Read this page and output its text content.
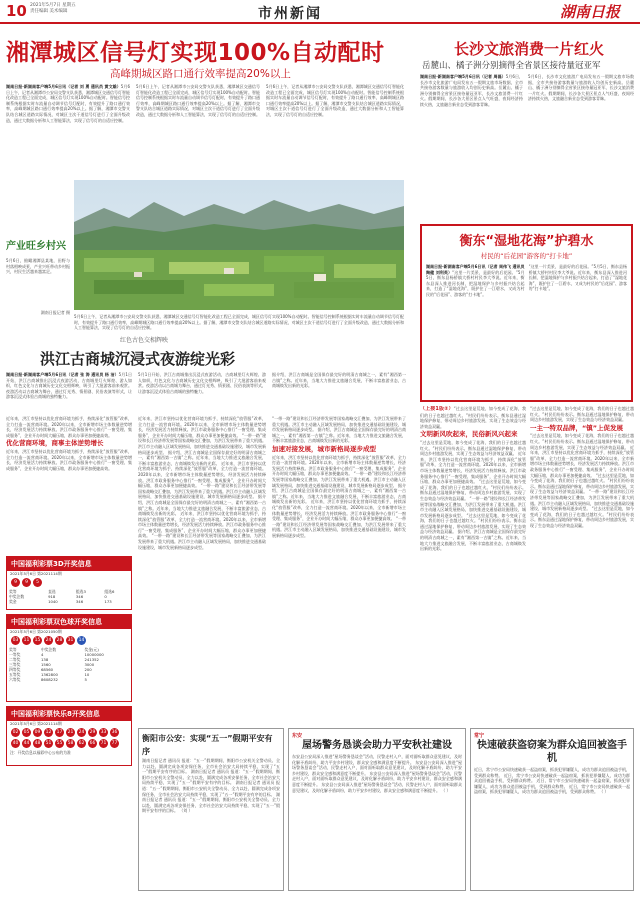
10 2021年5月7日 星期五
责任编辑 美术编辑	市州新闻	湖南日报
湘潭城区信号灯实现100%自动配时
高峰期城区路口通行效率提高20%以上
湖南日报·新湖南客户端5月6日讯（记者 刘 勇 通讯员 黄文雄）5月6日上午，记者从湘潭市公安局交警支队获悉，湘潭城区交通信号灯智能化改造工程已全面完成，城区信号灯实现100%自动配时。智能信号控制系统根据实时车流量自动调节信号灯配时，有效提升了路口通行效率，高峰期城区路口通行效率提高20%以上。据了解，湘潭市交警支队结合城区道路实际情况，对城区主次干道信号灯进行了全面升级改造，通过大数据分析和人工智能算法，实现了信号灯的自适应控制。
5月6日上午，记者从湘潭市公安局交警支队获悉，湘潭城区交通信号灯智能化改造工程已全面完成，城区信号灯实现100%自动配时。智能信号控制系统根据实时车流量自动调节信号灯配时，有效提升了路口通行效率，高峰期城区路口通行效率提高20%以上。据了解，湘潭市交警支队结合城区道路实际情况，对城区主次干道信号灯进行了全面升级改造，通过大数据分析和人工智能算法，实现了信号灯的自适应控制。
5月6日上午，记者从湘潭市公安局交警支队获悉，湘潭城区交通信号灯智能化改造工程已全面完成，城区信号灯实现100%自动配时。智能信号控制系统根据实时车流量自动调节信号灯配时，有效提升了路口通行效率，高峰期城区路口通行效率提高20%以上。据了解，湘潭市交警支队结合城区道路实际情况，对城区主次干道信号灯进行了全面升级改造，通过大数据分析和人工智能算法，实现了信号灯的自适应控制。
长沙文旅消费一片红火
岳麓山、橘子洲分别摘得全省景区接待量冠亚军
湖南日报·新湖南客户端5月6日讯（记者 周磊）5月6日，长沙市文化旅游广电局发布五一假期文旅市场数据，全市共接待游客数量与旅游收入均创历史新高。岳麓山、橘子洲分别摘得全省景区接待量冠亚军，长沙文旅消费一片红火。假期期间，长沙各大景区景点人气旺盛，夜间经济持续火热，文旅融合新业态受到游客青睐。
5月6日，长沙市文化旅游广电局发布五一假期文旅市场数据，全市共接待游客数量与旅游收入均创历史新高。岳麓山、橘子洲分别摘得全省景区接待量冠亚军，长沙文旅消费一片红火。假期期间，长沙各大景区景点人气旺盛，夜间经济持续火热，文旅融合新业态受到游客青睐。
产业旺乡村兴
5月6日，俯瞰湘潭县某地，田野与村落相映成景，产业兴旺带动乡村振兴，村民生活越来越富足。
湖南日报记者 摄
5月6日上午，记者从湘潭市公安局交警支队获悉，湘潭城区交通信号灯智能化改造工程已全面完成，城区信号灯实现100%自动配时。智能信号控制系统根据实时车流量自动调节信号灯配时，有效提升了路口通行效率，高峰期城区路口通行效率提高20%以上。据了解，湘潭市交警支队结合城区道路实际情况，对城区主次干道信号灯进行了全面升级改造，通过大数据分析和人工智能算法，实现了信号灯的自适应控制。
衡东“湿地花海”护碧水
村民的“后花园”游客的“打卡地”
湖南日报·新湖南客户端5月6日讯（记者 周伟飞 通讯员 陶健 刘利英）“这里一片美景，是最好的后花园。”5月5日，衡东县杨桥镇大桥村村民李大爷说。近年来，衡东县深入推进河长制，把湿地保护与乡村振兴结合起来，打造了“湿地花海”，既护住了一江碧水，又成为村民的“后花园”、游客的“打卡地”。
“这里一片美景，是最好的后花园。”5月5日，衡东县杨桥镇大桥村村民李大爷说。近年来，衡东县深入推进河长制，把湿地保护与乡村振兴结合起来，打造了“湿地花海”，既护住了一江碧水，又成为村民的“后花园”、游客的“打卡地”。
红色古色交相辉映
洪江古商城沉浸式夜游绽光彩
湖南日报·新湖南客户端5月6日讯（记者 张 涛 通讯员 杨 洁）5月1日开始，洪江古商城推出沉浸式夜游活动，古商城里灯火辉煌、游人如织，红色文化与古商城历史文化交相辉映，吸引了大批游客前来观赏。夜游活动以古商城为舞台，通过灯光秀、情景剧、民俗表演等形式，让游客沉浸式体验古商城的独特魅力。
5月1日开始，洪江古商城推出沉浸式夜游活动，古商城里灯火辉煌、游人如织，红色文化与古商城历史文化交相辉映，吸引了大批游客前来观赏。夜游活动以古商城为舞台，通过灯光秀、情景剧、民俗表演等形式，让游客沉浸式体验古商城的独特魅力。
据介绍，洪江古商城是全国保存最完好的明清古商城之一，素有“湘西第一古镇”之称。近年来，当地大力推进文旅融合发展，不断丰富旅游业态，古商城焕发出新的光彩。
近年来，洪江市坚持以优化营商环境为抓手，持续深化“放管服”改革，全力打造一流营商环境。2020年以来，全市新增市场主体数量逆势增长，经济发展活力持续释放。洪江市政务服务中心推行“一窗受理、集成服务”，企业开办时间大幅压缩，群众办事更加便捷高效。
优化营商环境，商事主体逆势增长
近年来，洪江市坚持以优化营商环境为抓手，持续深化“放管服”改革，全力打造一流营商环境。2020年以来，全市新增市场主体数量逆势增长，经济发展活力持续释放。洪江市政务服务中心推行“一窗受理、集成服务”，企业开办时间大幅压缩，群众办事更加便捷高效。
近年来，洪江市坚持以优化营商环境为抓手，持续深化“放管服”改革，全力打造一流营商环境。2020年以来，全市新增市场主体数量逆势增长，经济发展活力持续释放。洪江市政务服务中心推行“一窗受理、集成服务”，企业开办时间大幅压缩，群众办事更加便捷高效。 “一带一路”建设和长江经济带发展等国家战略交汇叠加，为洪江发展带来了重大机遇。洪江市主动融入区域发展格局，加快推进交通基础设施建设，城市发展新格局逐步成型。 据介绍，洪江古商城是全国保存最完好的明清古商城之一，素有“湘西第一古镇”之称。近年来，当地大力推进文旅融合发展，不断丰富旅游业态，古商城焕发出新的光彩。 近年来，洪江市坚持以优化营商环境为抓手，持续深化“放管服”改革，全力打造一流营商环境。2020年以来，全市新增市场主体数量逆势增长，经济发展活力持续释放。洪江市政务服务中心推行“一窗受理、集成服务”，企业开办时间大幅压缩，群众办事更加便捷高效。 “一带一路”建设和长江经济带发展等国家战略交汇叠加，为洪江发展带来了重大机遇。洪江市主动融入区域发展格局，加快推进交通基础设施建设，城市发展新格局逐步成型。 据介绍，洪江古商城是全国保存最完好的明清古商城之一，素有“湘西第一古镇”之称。近年来，当地大力推进文旅融合发展，不断丰富旅游业态，古商城焕发出新的光彩。 近年来，洪江市坚持以优化营商环境为抓手，持续深化“放管服”改革，全力打造一流营商环境。2020年以来，全市新增市场主体数量逆势增长，经济发展活力持续释放。洪江市政务服务中心推行“一窗受理、集成服务”，企业开办时间大幅压缩，群众办事更加便捷高效。 “一带一路”建设和长江经济带发展等国家战略交汇叠加，为洪江发展带来了重大机遇。洪江市主动融入区域发展格局，加快推进交通基础设施建设，城市发展新格局逐步成型。
“一带一路”建设和长江经济带发展等国家战略交汇叠加，为洪江发展带来了重大机遇。洪江市主动融入区域发展格局，加快推进交通基础设施建设，城市发展新格局逐步成型。 据介绍，洪江古商城是全国保存最完好的明清古商城之一，素有“湘西第一古镇”之称。近年来，当地大力推进文旅融合发展，不断丰富旅游业态，古商城焕发出新的光彩。
加速对接发展，城市新格局逐步成型
近年来，洪江市坚持以优化营商环境为抓手，持续深化“放管服”改革，全力打造一流营商环境。2020年以来，全市新增市场主体数量逆势增长，经济发展活力持续释放。洪江市政务服务中心推行“一窗受理、集成服务”，企业开办时间大幅压缩，群众办事更加便捷高效。 “一带一路”建设和长江经济带发展等国家战略交汇叠加，为洪江发展带来了重大机遇。洪江市主动融入区域发展格局，加快推进交通基础设施建设，城市发展新格局逐步成型。 据介绍，洪江古商城是全国保存最完好的明清古商城之一，素有“湘西第一古镇”之称。近年来，当地大力推进文旅融合发展，不断丰富旅游业态，古商城焕发出新的光彩。 近年来，洪江市坚持以优化营商环境为抓手，持续深化“放管服”改革，全力打造一流营商环境。2020年以来，全市新增市场主体数量逆势增长，经济发展活力持续释放。洪江市政务服务中心推行“一窗受理、集成服务”，企业开办时间大幅压缩，群众办事更加便捷高效。 “一带一路”建设和长江经济带发展等国家战略交汇叠加，为洪江发展带来了重大机遇。洪江市主动融入区域发展格局，加快推进交通基础设施建设，城市发展新格局逐步成型。
（上接1版②）“过去这里是荒地，如今变成了花海，我们的日子也越过越红火。”村民们纷纷表示。衡东县通过湿地保护修复，带动周边乡村旅游发展，实现了生态效益与经济效益双赢。
文明新风吹起来，民俗新风兴起来
“过去这里是荒地，如今变成了花海，我们的日子也越过越红火。”村民们纷纷表示。衡东县通过湿地保护修复，带动周边乡村旅游发展，实现了生态效益与经济效益双赢。 近年来，洪江市坚持以优化营商环境为抓手，持续深化“放管服”改革，全力打造一流营商环境。2020年以来，全市新增市场主体数量逆势增长，经济发展活力持续释放。洪江市政务服务中心推行“一窗受理、集成服务”，企业开办时间大幅压缩，群众办事更加便捷高效。 “过去这里是荒地，如今变成了花海，我们的日子也越过越红火。”村民们纷纷表示。衡东县通过湿地保护修复，带动周边乡村旅游发展，实现了生态效益与经济效益双赢。 “一带一路”建设和长江经济带发展等国家战略交汇叠加，为洪江发展带来了重大机遇。洪江市主动融入区域发展格局，加快推进交通基础设施建设，城市发展新格局逐步成型。 “过去这里是荒地，如今变成了花海，我们的日子也越过越红火。”村民们纷纷表示。衡东县通过湿地保护修复，带动周边乡村旅游发展，实现了生态效益与经济效益双赢。 据介绍，洪江古商城是全国保存最完好的明清古商城之一，素有“湘西第一古镇”之称。近年来，当地大力推进文旅融合发展，不断丰富旅游业态，古商城焕发出新的光彩。
“过去这里是荒地，如今变成了花海，我们的日子也越过越红火。”村民们纷纷表示。衡东县通过湿地保护修复，带动周边乡村旅游发展，实现了生态效益与经济效益双赢。
一主一特双品牌，“镇”上促发展
“过去这里是荒地，如今变成了花海，我们的日子也越过越红火。”村民们纷纷表示。衡东县通过湿地保护修复，带动周边乡村旅游发展，实现了生态效益与经济效益双赢。 近年来，洪江市坚持以优化营商环境为抓手，持续深化“放管服”改革，全力打造一流营商环境。2020年以来，全市新增市场主体数量逆势增长，经济发展活力持续释放。洪江市政务服务中心推行“一窗受理、集成服务”，企业开办时间大幅压缩，群众办事更加便捷高效。 “过去这里是荒地，如今变成了花海，我们的日子也越过越红火。”村民们纷纷表示。衡东县通过湿地保护修复，带动周边乡村旅游发展，实现了生态效益与经济效益双赢。 “一带一路”建设和长江经济带发展等国家战略交汇叠加，为洪江发展带来了重大机遇。洪江市主动融入区域发展格局，加快推进交通基础设施建设，城市发展新格局逐步成型。 “过去这里是荒地，如今变成了花海，我们的日子也越过越红火。”村民们纷纷表示。衡东县通过湿地保护修复，带动周边乡村旅游发展，实现了生态效益与经济效益双赢。
中国福利彩票3D开奖信息
2021年5月6日 第2021114期
9	9	5
奖等	直选	组选3	组选6
中奖注数	918	346	0
奖金	1040	346	173
中国福利彩票双色球开奖信息
2021年5月6日 第2021050期
03	11	15	24	28	31	14
奖等	中奖注数	奖金(元)
一等奖	4	10000000
二等奖	138	241352
三等奖	1560	3000
四等奖	68560	200
五等奖	1362800	10
六等奖	8608232	5
中国福利彩票快乐8开奖信息
2021年5月6日 第2021114期
02	05	09	12	17	21	24	29	33	36
40	44	48	51	55	58	62	66	71	77
注：开奖信息以福彩中心公布的为准
衡阳市公安：实现“五一”假期平安有序
湖南日报记者 通讯员 报道：“五一”假期期间，衡阳市公安机关全警动员、全力以赴，圆满完成各项安保任务，全市社会治安大局持续平稳，实现了“五一”假期平安有序的目标。 湖南日报记者 通讯员 报道：“五一”假期期间，衡阳市公安机关全警动员、全力以赴，圆满完成各项安保任务，全市社会治安大局持续平稳，实现了“五一”假期平安有序的目标。 湖南日报记者 通讯员 报道：“五一”假期期间，衡阳市公安机关全警动员、全力以赴，圆满完成各项安保任务，全市社会治安大局持续平稳，实现了“五一”假期平安有序的目标。 湖南日报记者 通讯员 报道：“五一”假期期间，衡阳市公安机关全警动员、全力以赴，圆满完成各项安保任务，全市社会治安大局持续平稳，实现了“五一”假期平安有序的目标。 （刘 ）
东安
屋场警务恳谈会助力平安秋社建设
东安县公安局深入推进“屋场警务恳谈会”活动，民警走村入户，面对面听取群众意见建议，及时化解矛盾纠纷，助力平安乡村建设，群众安全感和满意度不断提升。 东安县公安局深入推进“屋场警务恳谈会”活动，民警走村入户，面对面听取群众意见建议，及时化解矛盾纠纷，助力平安乡村建设，群众安全感和满意度不断提升。 东安县公安局深入推进“屋场警务恳谈会”活动，民警走村入户，面对面听取群众意见建议，及时化解矛盾纠纷，助力平安乡村建设，群众安全感和满意度不断提升。 东安县公安局深入推进“屋场警务恳谈会”活动，民警走村入户，面对面听取群众意见建议，及时化解矛盾纠纷，助力平安乡村建设，群众安全感和满意度不断提升。 （ ）
常宁
快速破获盗窃案为群众追回被盗手机
近日，常宁市公安局快速破获一起盗窃案，抓获犯罪嫌疑人，成功为群众追回被盗手机，受到群众称赞。 近日，常宁市公安局快速破获一起盗窃案，抓获犯罪嫌疑人，成功为群众追回被盗手机，受到群众称赞。 近日，常宁市公安局快速破获一起盗窃案，抓获犯罪嫌疑人，成功为群众追回被盗手机，受到群众称赞。 近日，常宁市公安局快速破获一起盗窃案，抓获犯罪嫌疑人，成功为群众追回被盗手机，受到群众称赞。 （ ）
